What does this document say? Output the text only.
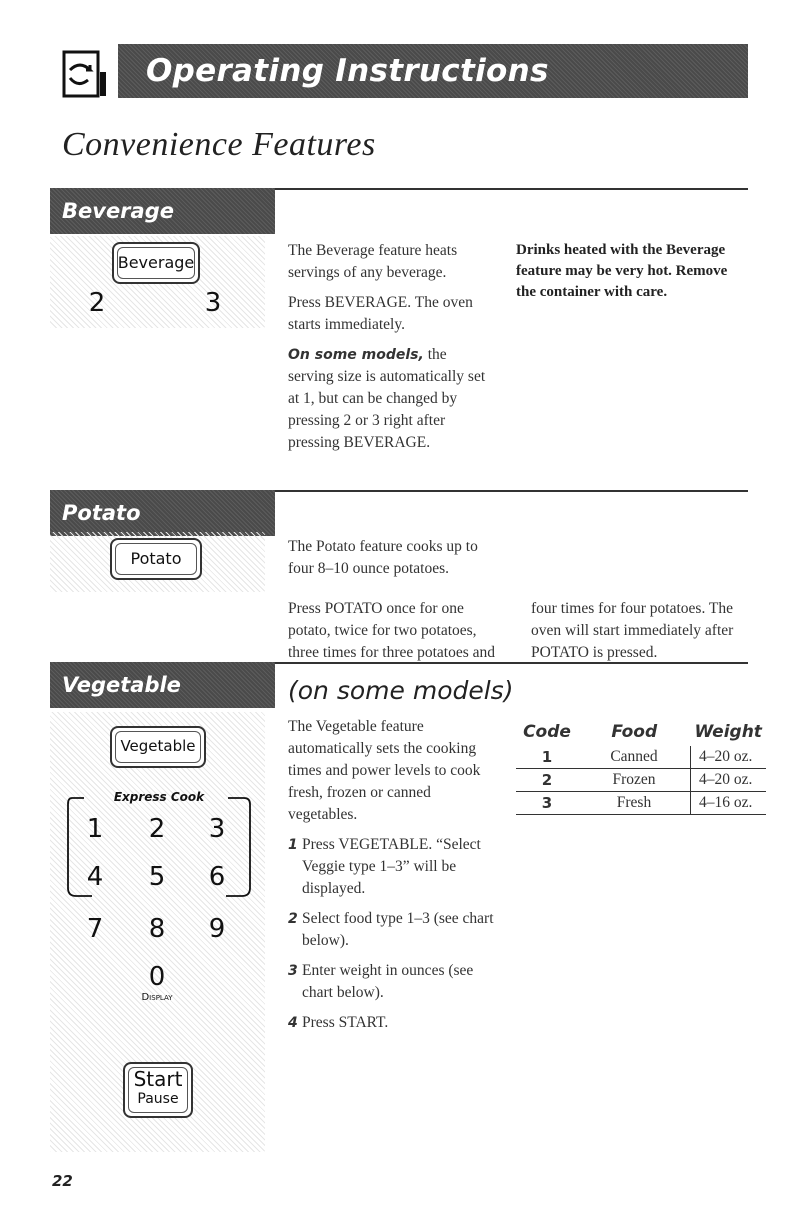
Operating Instructions
Convenience Features
Beverage
Beverage
2	3

The Beverage feature heats servings of any beverage.

Press BEVERAGE. The oven starts immediately.

On some models, the serving size is automatically set at 1, but can be changed by pressing 2 or 3 right after pressing BEVERAGE.

Drinks heated with the Beverage feature may be very hot. Remove the container with care.
Potato
Potato

The Potato feature cooks up to four 8–10 ounce potatoes.

Press POTATO once for one potato, twice for two potatoes, three times for three potatoes and four times for four potatoes. The oven will start immediately after POTATO is pressed.

Vegetable	(on some models)
Vegetable
Express Cook
1 2 3
4 5 6
7 8 9
0
Display
Start
Pause

The Vegetable feature automatically sets the cooking times and power levels to cook fresh, frozen or canned vegetables.

1 Press VEGETABLE. “Select Veggie type 1–3” will be displayed.
2 Select food type 1–3 (see chart below).
3 Enter weight in ounces (see chart below).
4 Press START.
Code	Food	Weight
1	Canned	4–20 oz.
2	Frozen	4–20 oz.
3	Fresh	4–16 oz.
22
